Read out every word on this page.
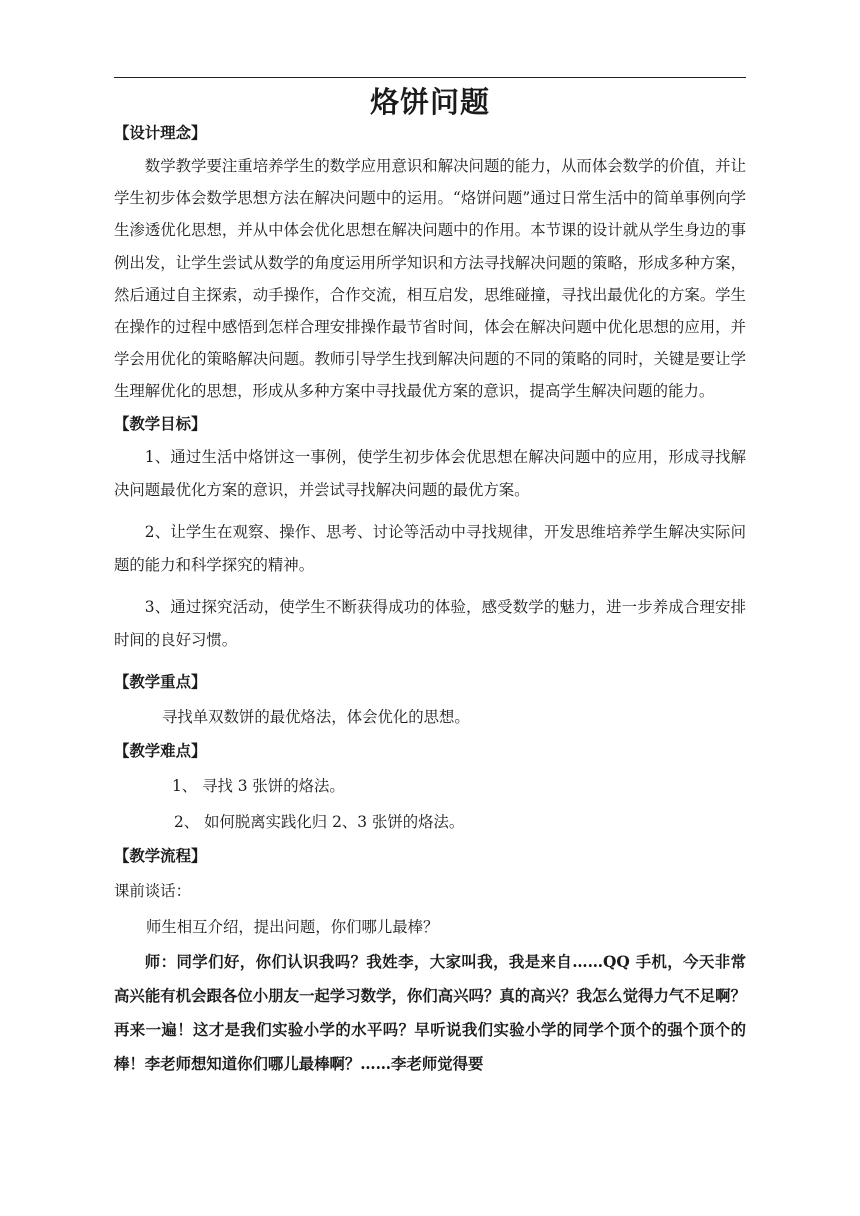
烙饼问题

【设计理念】

数学教学要注重培养学生的数学应用意识和解决问题的能力，从而体会数学的价值，并让学生初步体会数学思想方法在解决问题中的运用。“烙饼问题”通过日常生活中的简单事例向学生渗透优化思想，并从中体会优化思想在解决问题中的作用。本节课的设计就从学生身边的事例出发，让学生尝试从数学的角度运用所学知识和方法寻找解决问题的策略，形成多种方案，然后通过自主探索，动手操作，合作交流，相互启发，思维碰撞，寻找出最优化的方案。学生在操作的过程中感悟到怎样合理安排操作最节省时间，体会在解决问题中优化思想的应用，并学会用优化的策略解决问题。教师引导学生找到解决问题的不同的策略的同时，关键是要让学生理解优化的思想，形成从多种方案中寻找最优方案的意识，提高学生解决问题的能力。

【教学目标】

1、通过生活中烙饼这一事例，使学生初步体会优思想在解决问题中的应用，形成寻找解决问题最优化方案的意识，并尝试寻找解决问题的最优方案。

2、让学生在观察、操作、思考、讨论等活动中寻找规律，开发思维培养学生解决实际问题的能力和科学探究的精神。

3、通过探究活动，使学生不断获得成功的体验，感受数学的魅力，进一步养成合理安排时间的良好习惯。

【教学重点】

寻找单双数饼的最优烙法，体会优化的思想。

【教学难点】

1、 寻找 3 张饼的烙法。

2、 如何脱离实践化归 2、3 张饼的烙法。

【教学流程】

课前谈话：

师生相互介绍，提出问题，你们哪儿最棒？

师：同学们好，你们认识我吗？我姓李，大家叫我，我是来自……QQ 手机，今天非常高兴能有机会跟各位小朋友一起学习数学，你们高兴吗？真的高兴？我怎么觉得力气不足啊？再来一遍！这才是我们实验小学的水平吗？早听说我们实验小学的同学个顶个的强个顶个的棒！李老师想知道你们哪儿最棒啊？……李老师觉得要
